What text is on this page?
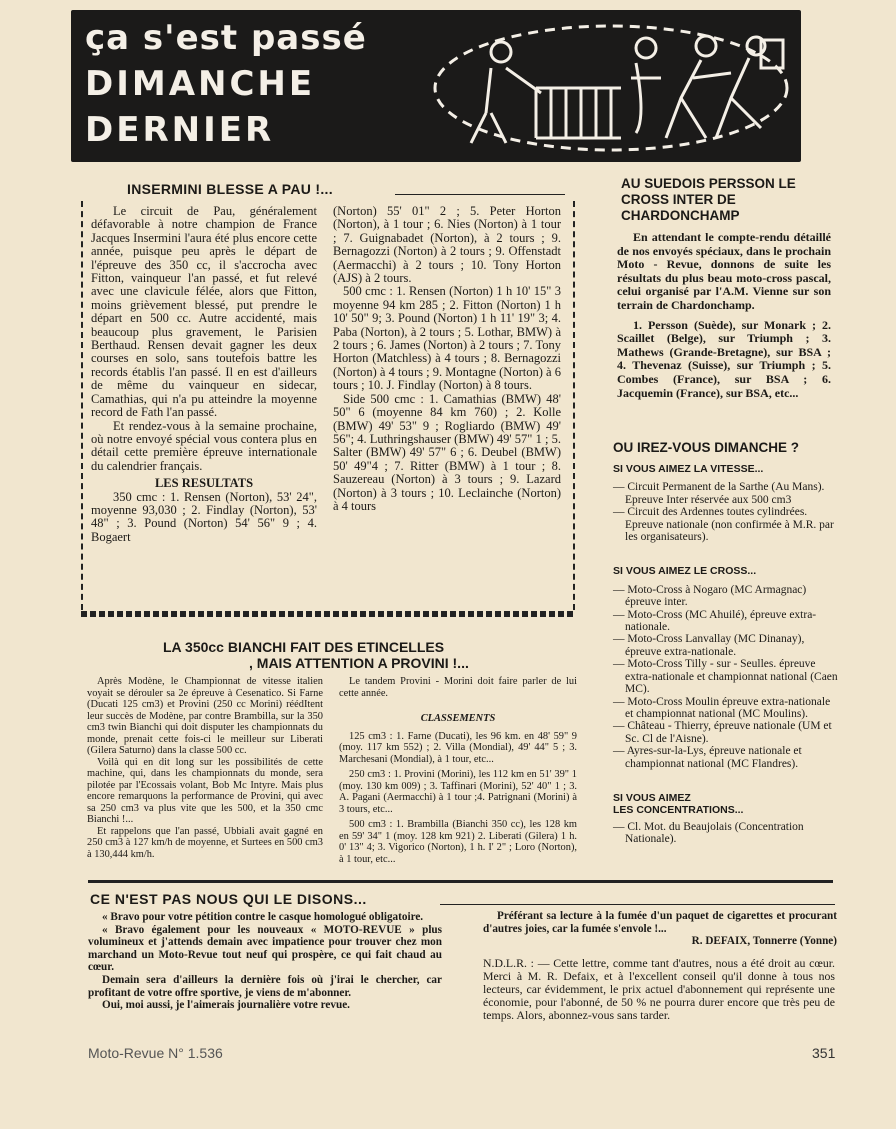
ça s'est passé
DIMANCHE
DERNIER
INSERMINI BLESSE A PAU !...

Le circuit de Pau, généralement défavorable à notre champion de France Jacques Insermini l'aura été plus encore cette année, puisque peu après le départ de l'épreuve des 350 cc, il s'accrocha avec Fitton, vainqueur l'an passé, et fut relevé avec une clavicule félée, alors que Fitton, moins grièvement blessé, put prendre le départ en 500 cc. Autre accidenté, mais beaucoup plus gravement, le Parisien Berthaud. Rensen devait gagner les deux courses en solo, sans toutefois battre les records établis l'an passé. Il en est d'ailleurs de même du vainqueur en sidecar, Camathias, qui n'a pu atteindre la moyenne record de Fath l'an passé.

Et rendez-vous à la semaine prochaine, où notre envoyé spécial vous contera plus en détail cette première épreuve internationale du calendrier français.

LES RESULTATS

350 cmc : 1. Rensen (Norton), 53' 24", moyenne 93,030 ; 2. Findlay (Norton), 53' 48" ; 3. Pound (Norton) 54' 56" 9 ; 4. Bogaert

(Norton) 55' 01" 2 ; 5. Peter Horton (Norton), à 1 tour ; 6. Nies (Norton) à 1 tour ; 7. Guignabadet (Norton), à 2 tours ; 9. Bernagozzi (Norton) à 2 tours ; 9. Offenstadt (Aermacchi) à 2 tours ; 10. Tony Horton (AJS) à 2 tours.

500 cmc : 1. Rensen (Norton) 1 h 10' 15" 3 moyenne 94 km 285 ; 2. Fitton (Norton) 1 h 10' 50" 9; 3. Pound (Norton) 1 h 11' 19" 3; 4. Paba (Norton), à 2 tours ; 5. Lothar, BMW) à 2 tours ; 6. James (Norton) à 2 tours ; 7. Tony Horton (Matchless) à 4 tours ; 8. Bernagozzi (Norton) à 4 tours ; 9. Montagne (Norton) à 6 tours ; 10. J. Findlay (Norton) à 8 tours.

Side 500 cmc : 1. Camathias (BMW) 48' 50" 6 (moyenne 84 km 760) ; 2. Kolle (BMW) 49' 53" 9 ; Rogliardo (BMW) 49' 56"; 4. Luthringshauser (BMW) 49' 57" 1 ; 5. Salter (BMW) 49' 57" 6 ; 6. Deubel (BMW) 50' 49"4 ; 7. Ritter (BMW) à 1 tour ; 8. Sauzereau (Norton) à 3 tours ; 9. Lazard (Norton) à 3 tours ; 10. Leclainche (Norton) à 4 tours

LA 350cc BIANCHI FAIT DES ETINCELLES
, MAIS ATTENTION A PROVINI !...

Après Modène, le Championnat de vitesse italien voyait se dérouler sa 2e épreuve à Cesenatico. Si Farne (Ducati 125 cm3) et Provini (250 cc Morini) réédItent leur succès de Modène, par contre Brambilla, sur la 350 cm3 twin Bianchi qui doit disputer les championnats du monde, prenait cette fois-ci le meilleur sur Liberati (Gilera Saturno) dans la classe 500 cc.

Voilà qui en dit long sur les possibilités de cette machine, qui, dans les championnats du monde, sera pilotée par l'Ecossais volant, Bob Mc Intyre. Mais plus encore remarquons la performance de Provini, qui avec sa 250 cm3 va plus vite que les 500, et la 350 cmc Bianchi !...

Et rappelons que l'an passé, Ubbiali avait gagné en 250 cm3 à 127 km/h de moyenne, et Surtees en 500 cm3 à 130,444 km/h.

Le tandem Provini - Morini doit faire parler de lui cette année.

CLASSEMENTS

125 cm3 : 1. Farne (Ducati), les 96 km. en 48' 59" 9 (moy. 117 km 552) ; 2. Villa (Mondial), 49' 44" 5 ; 3. Marchesani (Mondial), à 1 tour, etc...

250 cm3 : 1. Provini (Morini), les 112 km en 51' 39" 1 (moy. 130 km 009) ; 3. Taffinari (Morini), 52' 40" 1 ; 3. A. Pagani (Aermacchi) à 1 tour ;4. Patrignani (Morini) à 3 tours, etc...

500 cm3 : 1. Brambilla (Bianchi 350 cc), les 128 km en 59' 34" 1 (moy. 128 km 921) 2. Liberati (Gilera) 1 h. 0' 13" 4; 3. Vigorico (Norton), 1 h. I' 2" ; Loro (Norton), à 1 tour, etc...

AU SUEDOIS PERSSON LE CROSS INTER DE CHARDONCHAMP

En attendant le compte-rendu détaillé de nos envoyés spéciaux, dans le prochain Moto - Revue, donnons de suite les résultats du plus beau moto-cross pascal, celui organisé par l'A.M. Vienne sur son terrain de Chardonchamp.

1. Persson (Suède), sur Monark ; 2. Scaillet (Belge), sur Triumph ; 3. Mathews (Grande-Bretagne), sur BSA ; 4. Thevenaz (Suisse), sur Triumph ; 5. Combes (France), sur BSA ; 6. Jacquemin (France), sur BSA, etc...

OU IREZ-VOUS DIMANCHE ?

SI VOUS AIMEZ LA VITESSE...

— Circuit Permanent de la Sarthe (Au Mans). Epreuve Inter réservée aux 500 cm3

— Circuit des Ardennes toutes cylindrées. Epreuve nationale (non confirmée à M.R. par les organisateurs).

SI VOUS AIMEZ LE CROSS...

— Moto-Cross à Nogaro (MC Armagnac) épreuve inter.

— Moto-Cross (MC Ahuilé), épreuve extra-nationale.

— Moto-Cross Lanvallay (MC Dinanay), épreuve extra-nationale.

— Moto-Cross Tilly - sur - Seulles. épreuve extra-nationale et championnat national (Caen MC).

— Moto-Cross Moulin épreuve extra-nationale et championnat national (MC Moulins).

— Château - Thierry, épreuve nationale (UM et Sc. Cl de l'Aisne).

— Ayres-sur-la-Lys, épreuve nationale et championnat national (MC Flandres).

SI VOUS AIMEZ

LES CONCENTRATIONS...

— Cl. Mot. du Beaujolais (Concentration Nationale).

CE N'EST PAS NOUS QUI LE DISONS...

« Bravo pour votre pétition contre le casque homologué obligatoire.

« Bravo également pour les nouveaux « MOTO-REVUE » plus volumineux et j'attends demain avec impatience pour trouver chez mon marchand un Moto-Revue tout neuf qui prospère, ce qui fait chaud au cœur.

Demain sera d'ailleurs la dernière fois où j'irai le chercher, car profitant de votre offre sportive, je viens de m'abonner.

Oui, moi aussi, je l'aimerais journalière votre revue.

Préférant sa lecture à la fumée d'un paquet de cigarettes et procurant d'autres joies, car la fumée s'envole !...

R. DEFAIX, Tonnerre (Yonne)

N.D.L.R. : — Cette lettre, comme tant d'autres, nous a été droit au cœur. Merci à M. R. Defaix, et à l'excellent conseil qu'il donne à tous nos lecteurs, car évidemment, le prix actuel d'abonnement qui représente une économie, pour l'abonné, de 50 % ne pourra durer encore que très peu de temps. Alors, abonnez-vous sans tarder.
Moto-Revue N° 1.536	351
